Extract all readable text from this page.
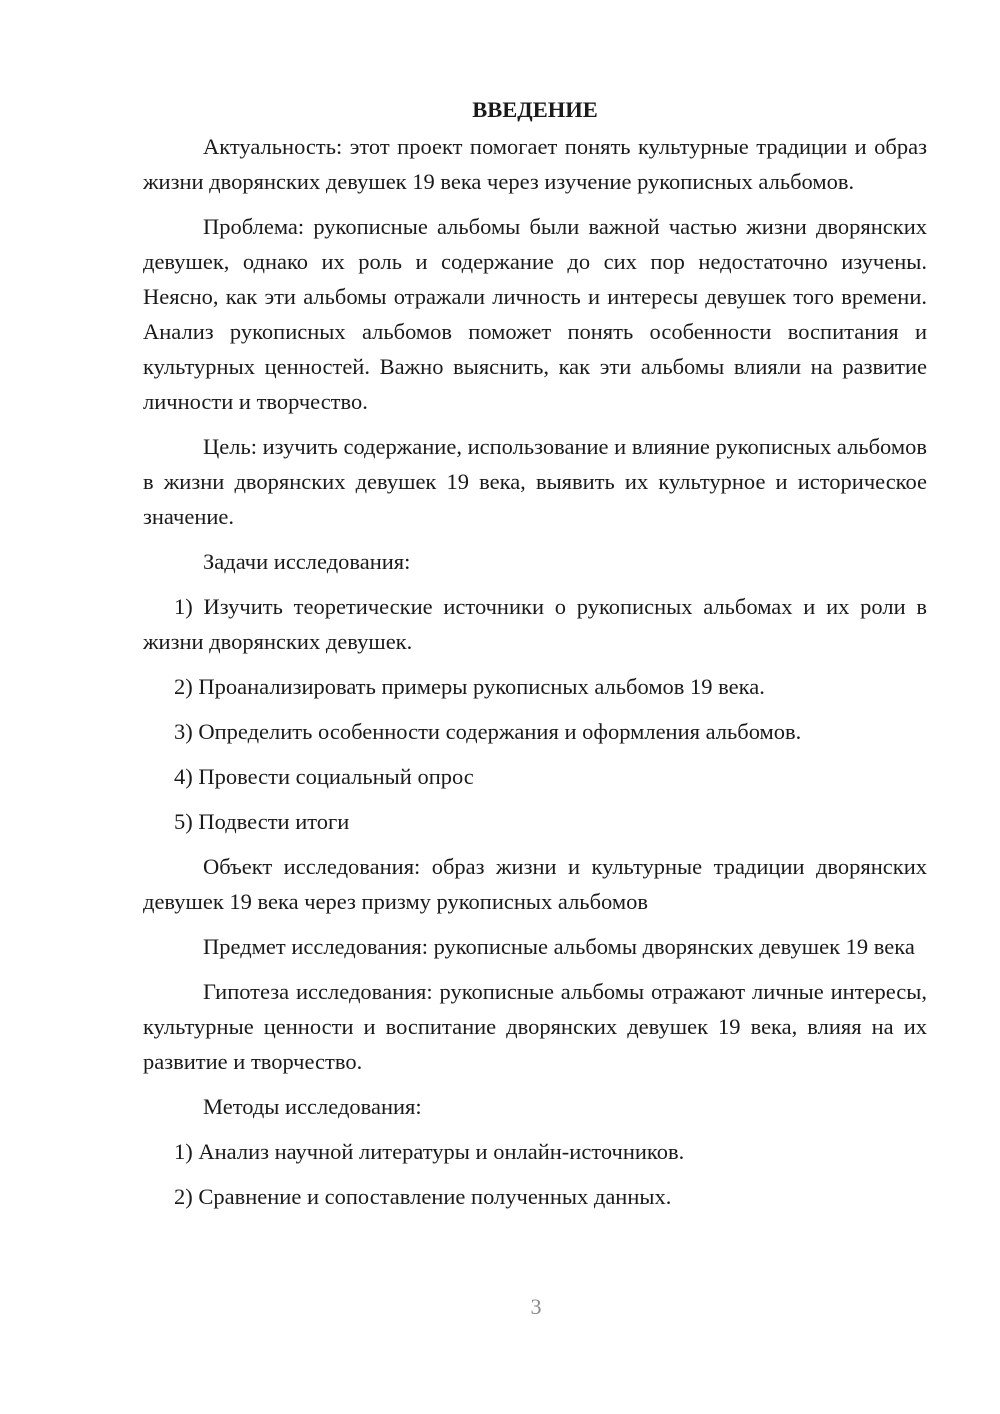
ВВЕДЕНИЕ

Актуальность: этот проект помогает понять культурные традиции и образ жизни дворянских девушек 19 века через изучение рукописных альбомов.

Проблема: рукописные альбомы были важной частью жизни дворянских девушек, однако их роль и содержание до сих пор недостаточно изучены. Неясно, как эти альбомы отражали личность и интересы девушек того времени. Анализ рукописных альбомов поможет понять особенности воспитания и культурных ценностей. Важно выяснить, как эти альбомы влияли на развитие личности и творчество.

Цель: изучить содержание, использование и влияние рукописных альбомов в жизни дворянских девушек 19 века, выявить их культурное и историческое значение.

Задачи исследования:

1) Изучить теоретические источники о рукописных альбомах и их роли в жизни дворянских девушек.

2) Проанализировать примеры рукописных альбомов 19 века.

3) Определить особенности содержания и оформления альбомов.

4) Провести социальный опрос

5) Подвести итоги

Объект исследования: образ жизни и культурные традиции дворянских девушек 19 века через призму рукописных альбомов

Предмет исследования: рукописные альбомы дворянских девушек 19 века

Гипотеза исследования: рукописные альбомы отражают личные интересы, культурные ценности и воспитание дворянских девушек 19 века, влияя на их развитие и творчество.

Методы исследования:

1) Анализ научной литературы и онлайн-источников.

2) Сравнение и сопоставление полученных данных.

3
